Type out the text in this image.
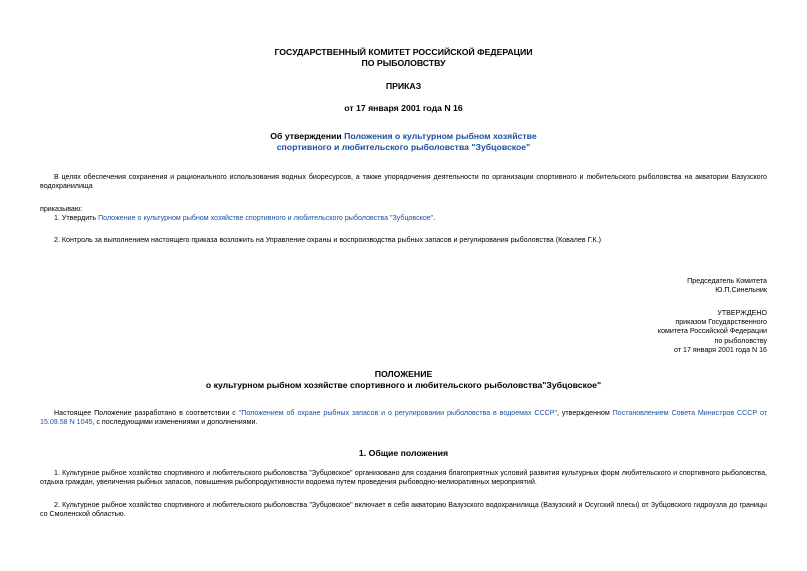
ГОСУДАРСТВЕННЫЙ КОМИТЕТ РОССИЙСКОЙ ФЕДЕРАЦИИ
ПО РЫБОЛОВСТВУ
ПРИКАЗ
от 17 января 2001 года N 16
Об утверждении Положения о культурном рыбном хозяйстве
спортивного и любительского рыболовства "Зубцовское"
В целях обеспечения сохранения и рационального использования водных биоресурсов, а также упорядочения деятельности по организации спортивного и любительского рыболовства на акватории Вазузского водохранилища
приказываю:
1. Утвердить Положение о культурном рыбном хозяйстве спортивного и любительского рыболовства "Зубцовское".
2. Контроль за выполнением настоящего приказа возложить на Управление охраны и воспроизводства рыбных запасов и регулирования рыболовства (Ковалев Г.К.)
Председатель Комитета
Ю.П.Синельник
УТВЕРЖДЕНО
приказом Государственного
комитета Российской Федерации
по рыболовству
от 17 января 2001 года N 16
ПОЛОЖЕНИЕ
о культурном рыбном хозяйстве спортивного и любительского рыболовства"Зубцовское"
Настоящее Положение разработано в соответствии с "Положением об охране рыбных запасов и о регулировании рыболовства в водоемах СССР", утвержденном Постановлением Совета Министров СССР от 15.09.58 N 1045, с последующими изменениями и дополнениями.
1. Общие положения
1. Культурное рыбное хозяйство спортивного и любительского рыболовства "Зубцовское" организовано для создания благоприятных условий развития культурных форм любительского и спортивного рыболовства, отдыха граждан, увеличения рыбных запасов, повышения рыбопродуктивности водоема путем проведения рыбоводно-мелиоративных мероприятий.
2. Культурное рыбное хозяйство спортивного и любительского рыболовства "Зубцовское" включает в себя акваторию Вазузского водохранилища (Вазузский и Осугский плесы) от Зубцовского гидроузла до границы со Смоленской областью.
